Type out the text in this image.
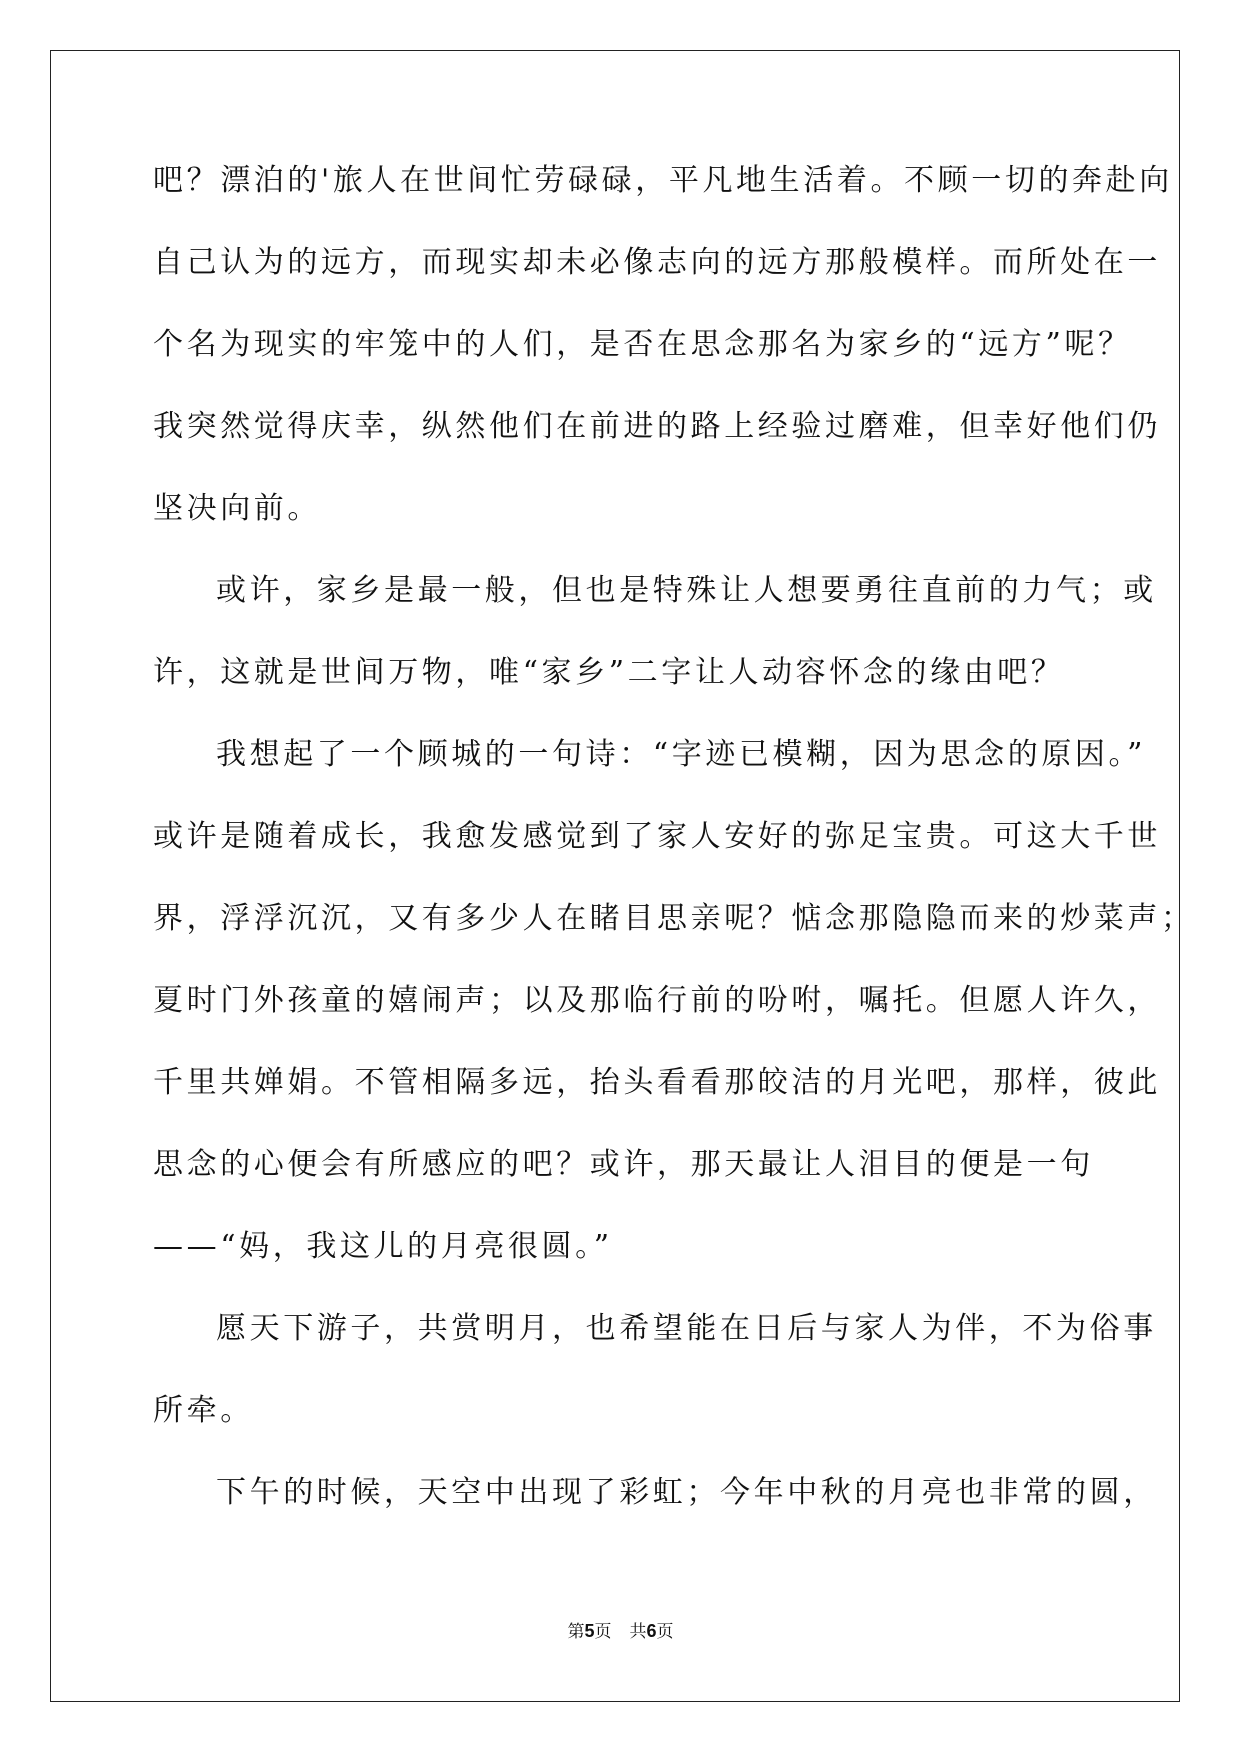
吧？漂泊的'旅人在世间忙劳碌碌，平凡地生活着。不顾一切的奔赴向
自己认为的远方，而现实却未必像志向的远方那般模样。而所处在一
个名为现实的牢笼中的人们，是否在思念那名为家乡的“远方”呢？
我突然觉得庆幸，纵然他们在前进的路上经验过磨难，但幸好他们仍
坚决向前。
或许，家乡是最一般，但也是特殊让人想要勇往直前的力气；或
许，这就是世间万物，唯“家乡”二字让人动容怀念的缘由吧？
我想起了一个顾城的一句诗：“字迹已模糊，因为思念的原因。”
或许是随着成长，我愈发感觉到了家人安好的弥足宝贵。可这大千世
界，浮浮沉沉，又有多少人在睹目思亲呢？惦念那隐隐而来的炒菜声；
夏时门外孩童的嬉闹声；以及那临行前的吩咐，嘱托。但愿人许久，
千里共婵娟。不管相隔多远，抬头看看那皎洁的月光吧，那样，彼此
思念的心便会有所感应的吧？或许，那天最让人泪目的便是一句
——“妈，我这儿的月亮很圆。”
愿天下游子，共赏明月，也希望能在日后与家人为伴，不为俗事
所牵。
下午的时候，天空中出现了彩虹；今年中秋的月亮也非常的圆，
第5页 共6页
